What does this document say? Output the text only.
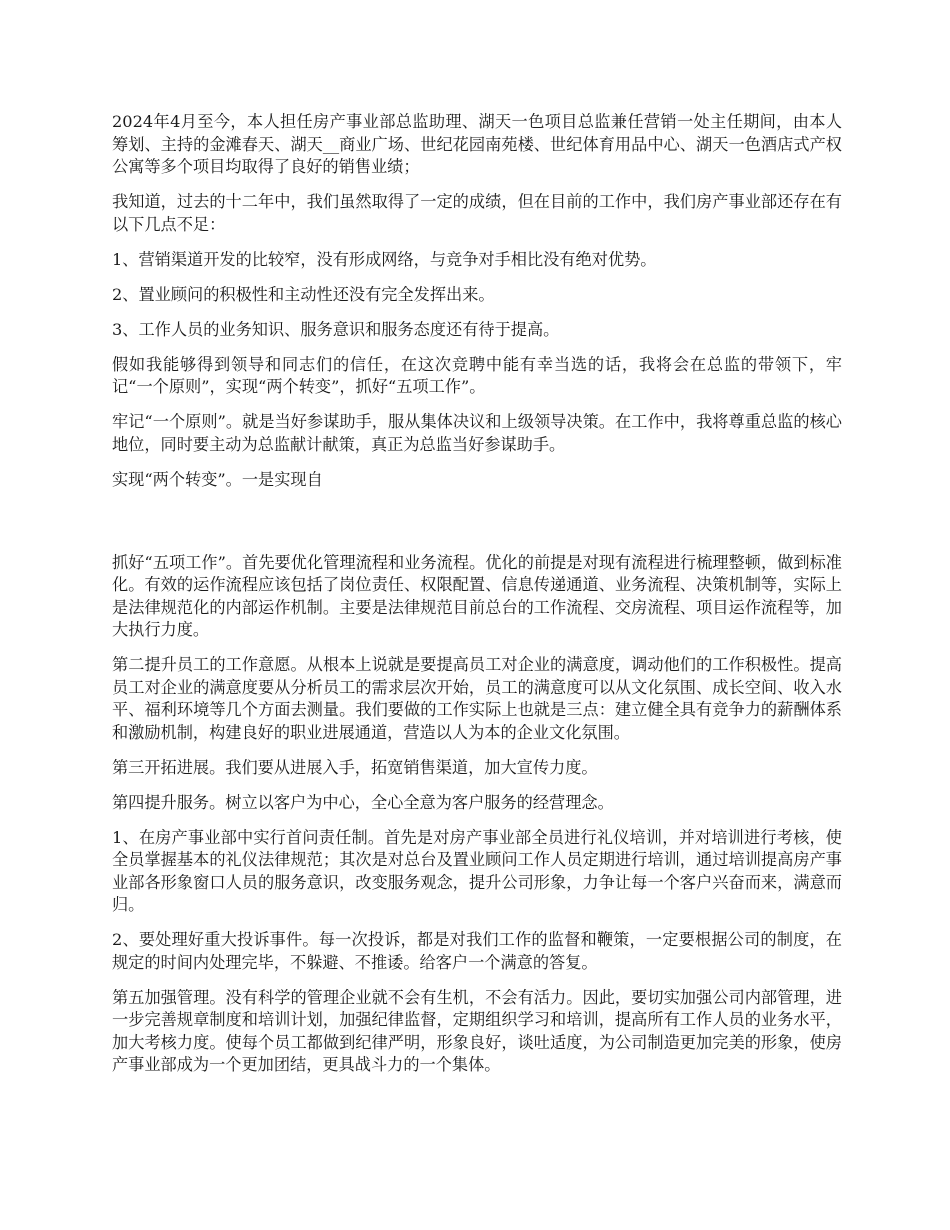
2024年4月至今，本人担任房产事业部总监助理、湖天一色项目总监兼任营销一处主任期间，由本人筹划、主持的金滩春天、湖天__商业广场、世纪花园南苑楼、世纪体育用品中心、湖天一色酒店式产权公寓等多个项目均取得了良好的销售业绩；

我知道，过去的十二年中，我们虽然取得了一定的成绩，但在目前的工作中，我们房产事业部还存在有以下几点不足：

1、营销渠道开发的比较窄，没有形成网络，与竞争对手相比没有绝对优势。

2、置业顾问的积极性和主动性还没有完全发挥出来。

3、工作人员的业务知识、服务意识和服务态度还有待于提高。

假如我能够得到领导和同志们的信任，在这次竞聘中能有幸当选的话，我将会在总监的带领下，牢记“一个原则”，实现“两个转变”，抓好“五项工作”。

牢记“一个原则”。就是当好参谋助手，服从集体决议和上级领导决策。在工作中，我将尊重总监的核心地位，同时要主动为总监献计献策，真正为总监当好参谋助手。

实现“两个转变”。一是实现自

抓好“五项工作”。首先要优化管理流程和业务流程。优化的前提是对现有流程进行梳理整顿，做到标准化。有效的运作流程应该包括了岗位责任、权限配置、信息传递通道、业务流程、决策机制等，实际上是法律规范化的内部运作机制。主要是法律规范目前总台的工作流程、交房流程、项目运作流程等，加大执行力度。

第二提升员工的工作意愿。从根本上说就是要提高员工对企业的满意度，调动他们的工作积极性。提高员工对企业的满意度要从分析员工的需求层次开始，员工的满意度可以从文化氛围、成长空间、收入水平、福利环境等几个方面去测量。我们要做的工作实际上也就是三点：建立健全具有竞争力的薪酬体系和激励机制，构建良好的职业进展通道，营造以人为本的企业文化氛围。

第三开拓进展。我们要从进展入手，拓宽销售渠道，加大宣传力度。

第四提升服务。树立以客户为中心，全心全意为客户服务的经营理念。

1、在房产事业部中实行首问责任制。首先是对房产事业部全员进行礼仪培训，并对培训进行考核，使全员掌握基本的礼仪法律规范；其次是对总台及置业顾问工作人员定期进行培训，通过培训提高房产事业部各形象窗口人员的服务意识，改变服务观念，提升公司形象，力争让每一个客户兴奋而来，满意而归。

2、要处理好重大投诉事件。每一次投诉，都是对我们工作的监督和鞭策，一定要根据公司的制度，在规定的时间内处理完毕，不躲避、不推诿。给客户一个满意的答复。

第五加强管理。没有科学的管理企业就不会有生机，不会有活力。因此，要切实加强公司内部管理，进一步完善规章制度和培训计划，加强纪律监督，定期组织学习和培训，提高所有工作人员的业务水平，加大考核力度。使每个员工都做到纪律严明，形象良好，谈吐适度，为公司制造更加完美的形象，使房产事业部成为一个更加团结，更具战斗力的一个集体。
